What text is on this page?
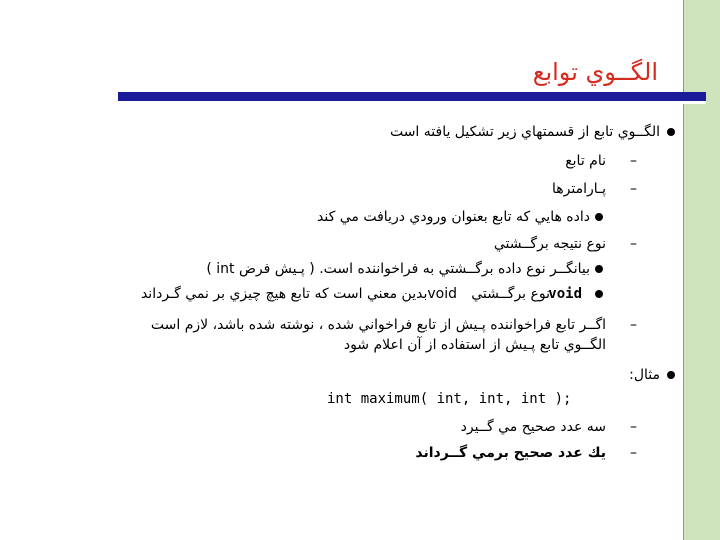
الگــوي توابع
الگــوي تابع از قسمتهاي زير تشكيل يافته است
–
نام تابع
–
پـارامترها
داده هايي كه تابع بعنوان ورودي دريافت مي كند
–
نوع نتيجه برگــشتي
بيانگــر نوع داده برگــشتي به فراخواننده است. ( پـيش فرض int )
نوع برگــشتي
void
voidبدين معني است كه تابع هيچ چيزي بر نمي گـرداند
–
اگــر تابع فراخواننده پـيش از تابع فراخواني شده ، نوشته شده باشد، لازم است
الگــوي تابع پـيش از استفاده از آن اعلام شود
مثال:
int maximum( int, int, int );
–
سه عدد صحيح مي گــيرد
–
يك عدد صحيح برمي گــرداند
